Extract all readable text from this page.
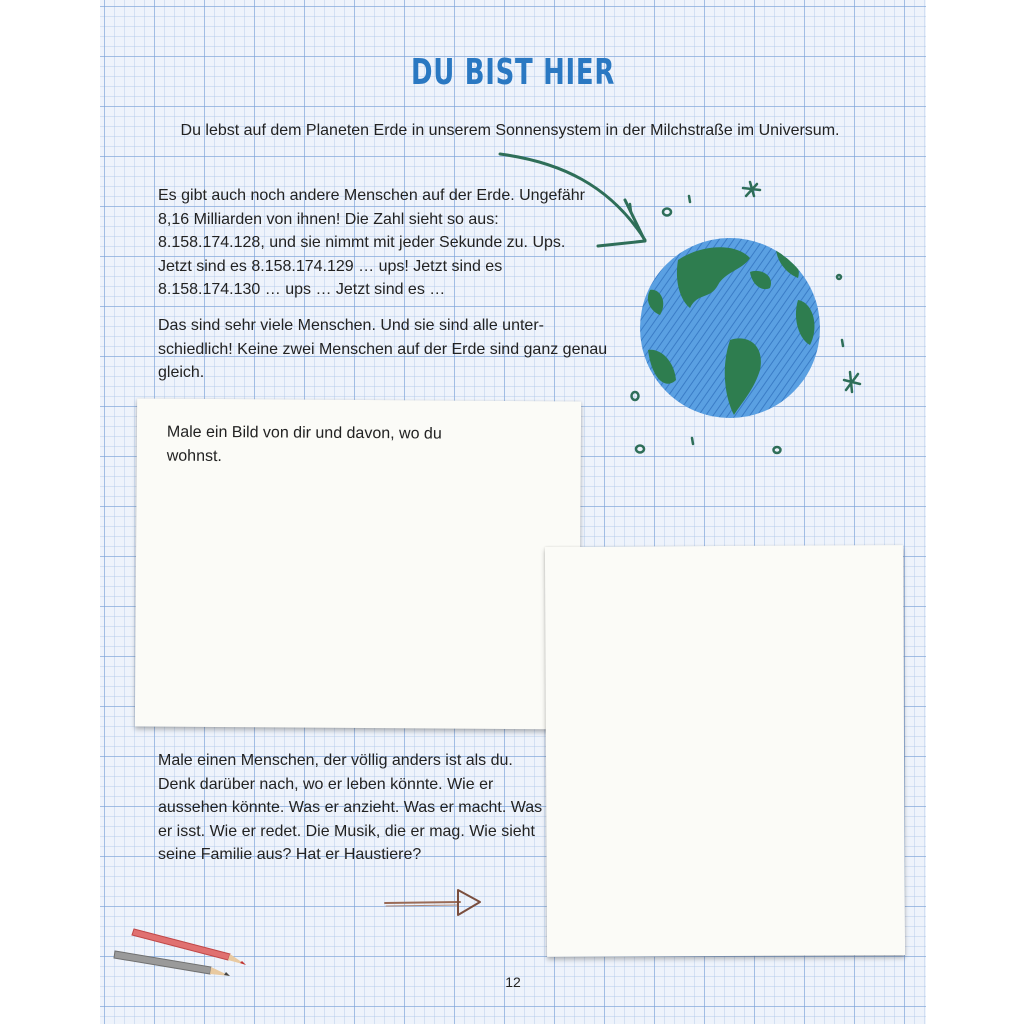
DU BIST HIER
Du lebst auf dem Planeten Erde in unserem Sonnensystem in der Milchstraße im Universum.
Es gibt auch noch andere Menschen auf der Erde. Ungefähr 8,16 Milliarden von ihnen! Die Zahl sieht so aus: 8.158.174.128, und sie nimmt mit jeder Sekunde zu. Ups. Jetzt sind es 8.158.174.129 … ups! Jetzt sind es 8.158.174.130 … ups … Jetzt sind es …
Das sind sehr viele Menschen. Und sie sind alle unter-schiedlich! Keine zwei Menschen auf der Erde sind ganz genau gleich.
Male ein Bild von dir und davon, wo du wohnst.
Male einen Menschen, der völlig anders ist als du. Denk darüber nach, wo er leben könnte. Wie er aussehen könnte. Was er anzieht. Was er macht. Was er isst. Wie er redet. Die Musik, die er mag. Wie sieht seine Familie aus? Hat er Haustiere?
12
